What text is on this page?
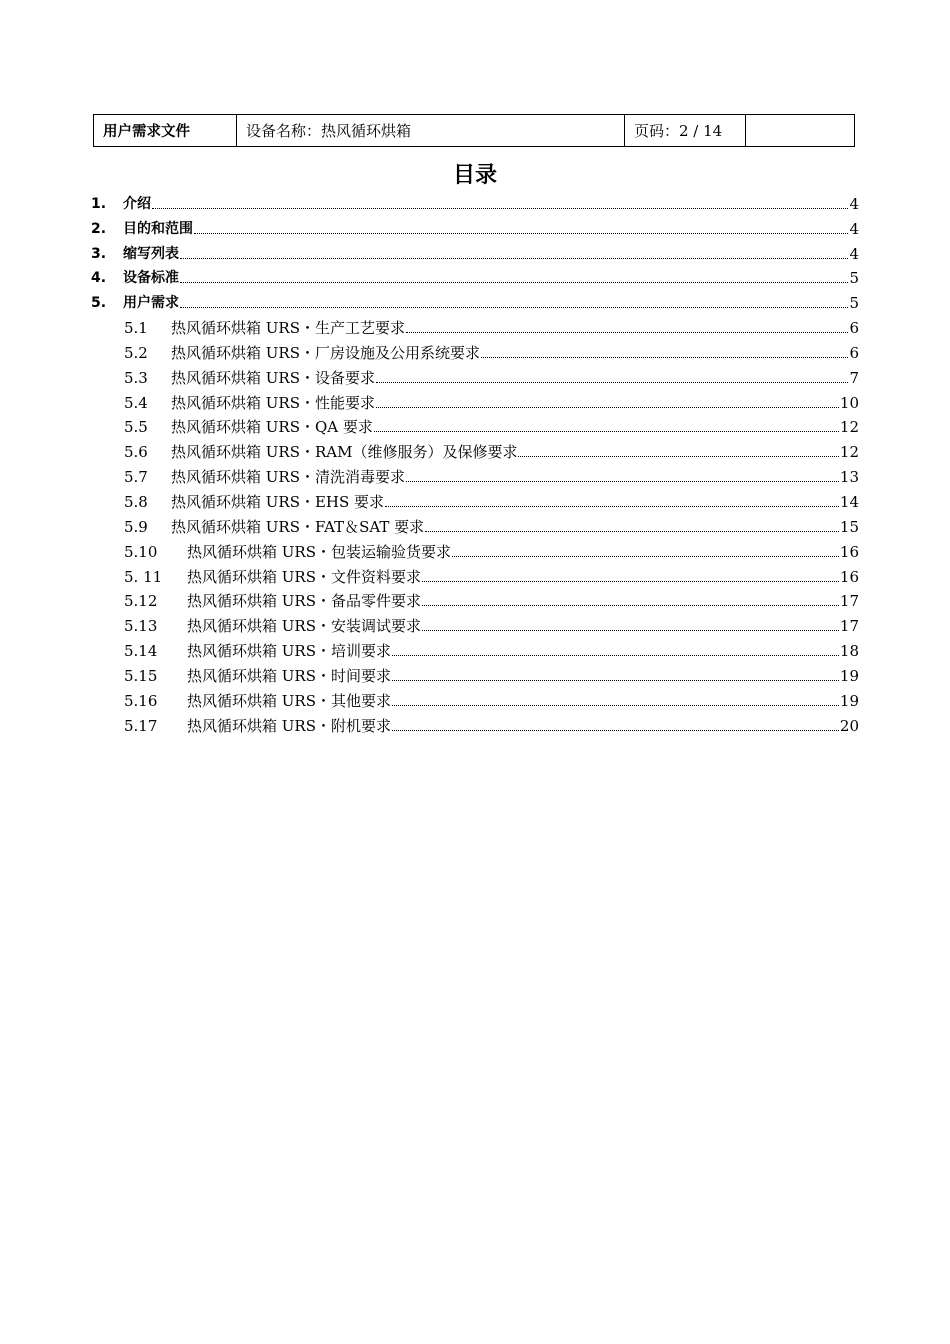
用户需求文件	设备名称：热风循环烘箱	页码：2 / 14	
目录
1.	介绍	4
2.	目的和范围	4
3.	缩写列表	4
4.	设备标准	5
5.	用户需求	5
5.1	热风循环烘箱 URS・生产工艺要求	6
5.2	热风循环烘箱 URS・厂房设施及公用系统要求	6
5.3	热风循环烘箱 URS・设备要求	7
5.4	热风循环烘箱 URS・性能要求	10
5.5	热风循环烘箱 URS・QA 要求	12
5.6	热风循环烘箱 URS・RAM（维修服务）及保修要求	12
5.7	热风循环烘箱 URS・清洗消毒要求	13
5.8	热风循环烘箱 URS・EHS 要求	14
5.9	热风循环烘箱 URS・FAT＆SAT 要求	15
5.10	热风循环烘箱 URS・包装运输验货要求	16
5. 11	热风循环烘箱 URS・文件资料要求	16
5.12	热风循环烘箱 URS・备品零件要求	17
5.13	热风循环烘箱 URS・安装调试要求	17
5.14	热风循环烘箱 URS・培训要求	18
5.15	热风循环烘箱 URS・时间要求	19
5.16	热风循环烘箱 URS・其他要求	19
5.17	热风循环烘箱 URS・附机要求	20
